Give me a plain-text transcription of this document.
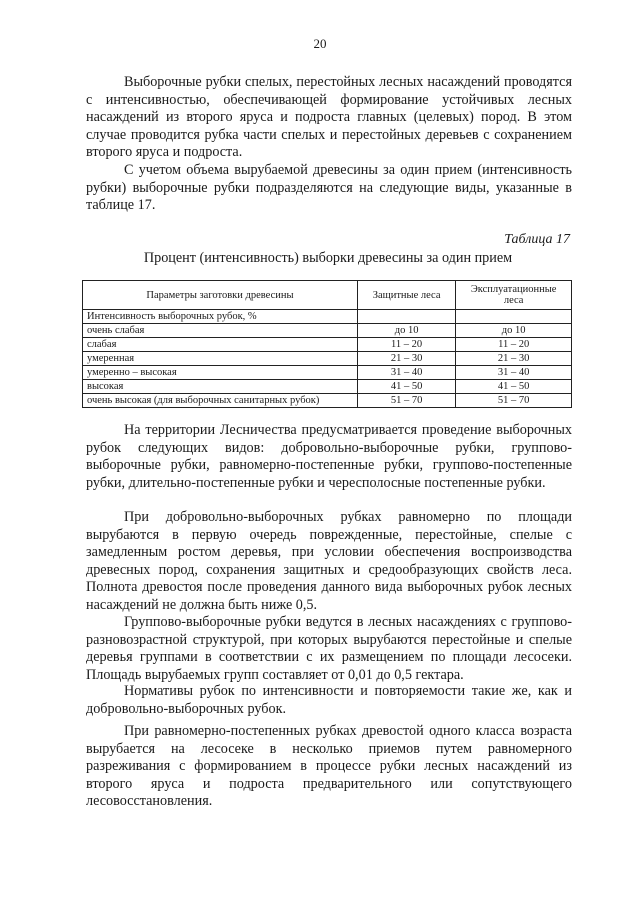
20

Выборочные рубки спелых, перестойных лесных насаждений проводятся с интенсивностью, обеспечивающей формирование устойчивых лесных насаждений из второго яруса и подроста главных (целевых) пород. В этом случае проводится рубка части спелых и перестойных деревьев с сохранением второго яруса и подроста.

С учетом объема вырубаемой древесины за один прием (интенсивность рубки) выборочные рубки подразделяются на следующие виды, указанные в таблице 17.

Таблица 17
Процент (интенсивность) выборки древесины за один прием
Параметры заготовки древесины	Защитные леса	Эксплуатационные леса
Интенсивность выборочных рубок, %		
очень слабая	до 10	до 10
слабая	11 – 20	11 – 20
умеренная	21 – 30	21 – 30
умеренно – высокая	31 – 40	31 – 40
высокая	41 – 50	41 – 50
очень высокая (для выборочных санитарных рубок)	51 – 70	51 – 70

На территории Лесничества предусматривается проведение выборочных рубок следующих видов: добровольно-выборочные рубки, группово-выборочные рубки, равномерно-постепенные рубки, группово-постепенные рубки, длительно-постепенные рубки и чересполосные постепенные рубки.

При добровольно-выборочных рубках равномерно по площади вырубаются в первую очередь поврежденные, перестойные, спелые с замедленным ростом деревья, при условии обеспечения воспроизводства древесных пород, сохранения защитных и средообразующих свойств леса. Полнота древостоя после проведения данного вида выборочных рубок лесных насаждений не должна быть ниже 0,5.

Группово-выборочные рубки ведутся в лесных насаждениях с группово-разновозрастной структурой, при которых вырубаются перестойные и спелые деревья группами в соответствии с их размещением по площади лесосеки. Площадь вырубаемых групп составляет от 0,01 до 0,5 гектара.

Нормативы рубок по интенсивности и повторяемости такие же, как и добровольно-выборочных рубок.

При равномерно-постепенных рубках древостой одного класса возраста вырубается на лесосеке в несколько приемов путем равномерного разреживания с формированием в процессе рубки лесных насаждений из второго яруса и подроста предварительного или сопутствующего лесовосстановления.
